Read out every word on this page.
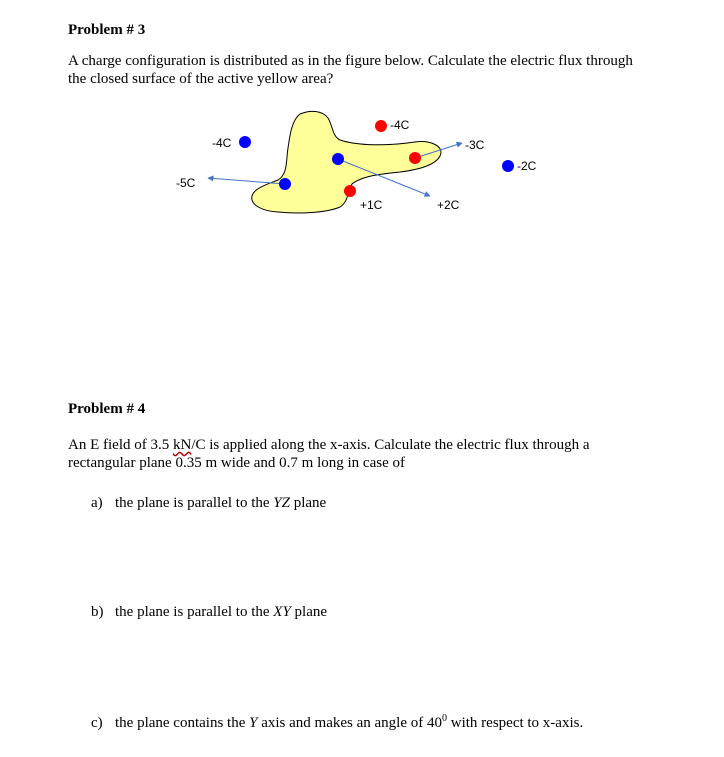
Problem # 3
A charge configuration is distributed as in the figure below. Calculate the electric flux through
the closed surface of the active yellow area?
-4C
-4C
-3C
-2C
-5C
+1C	+2C
Problem # 4
An E field of 3.5 kN/C is applied along the x-axis. Calculate the electric flux through a
rectangular plane 0.35 m wide and 0.7 m long in case of
a) the plane is parallel to the YZ plane
b) the plane is parallel to the XY plane
c) the plane contains the Y axis and makes an angle of $40^0$ with respect to x-axis.
